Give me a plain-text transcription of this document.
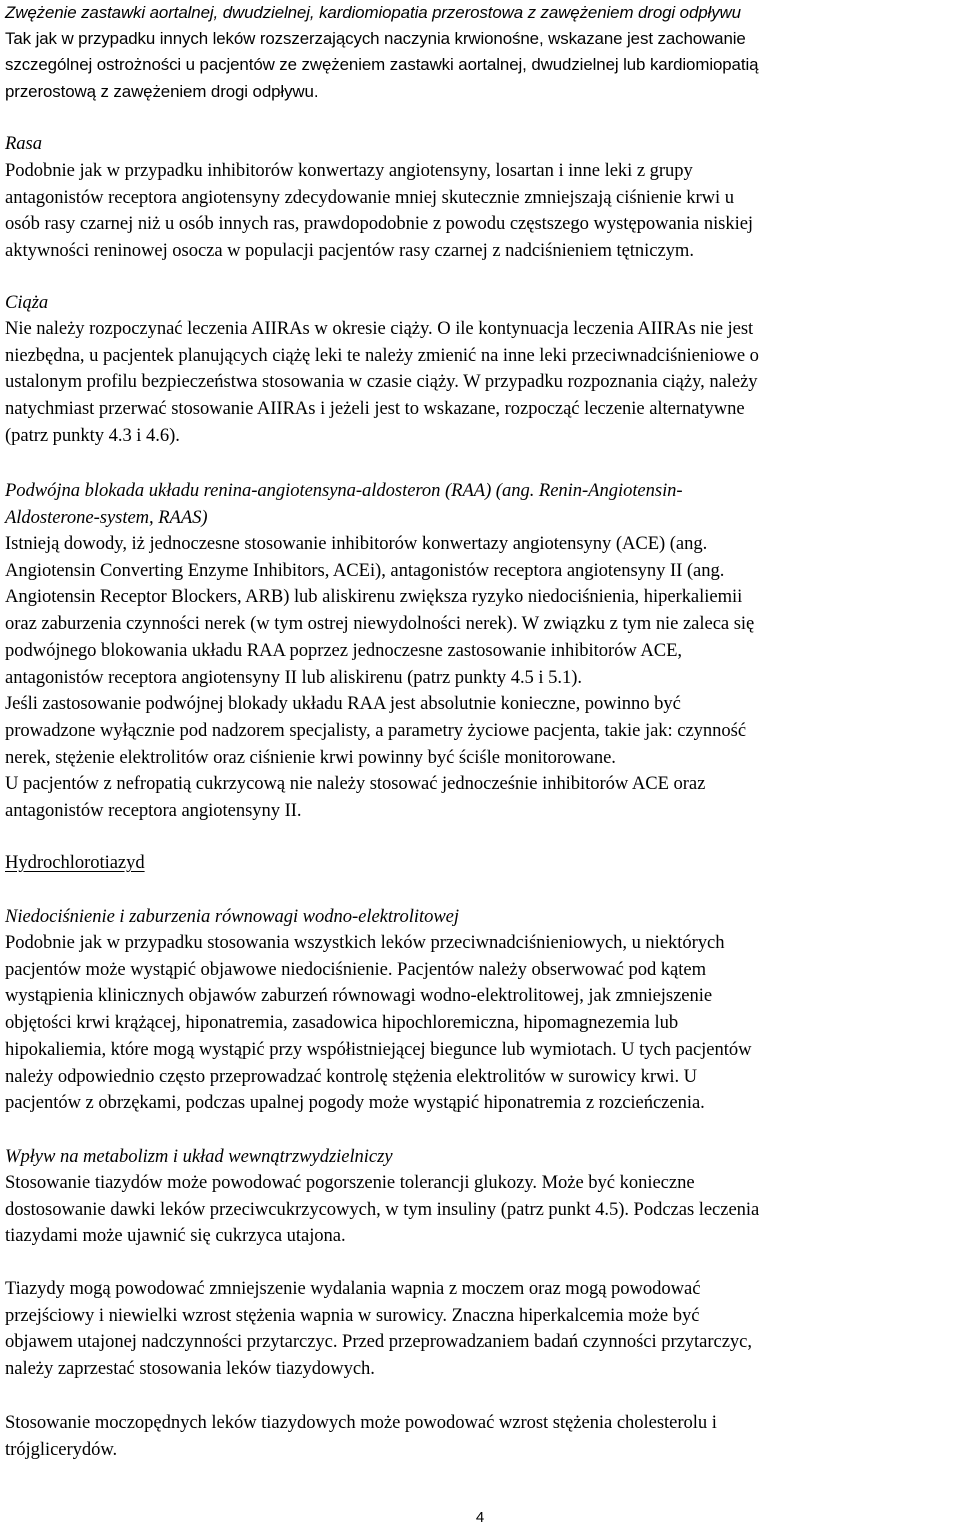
Zwężenie zastawki aortalnej, dwudzielnej, kardiomiopatia przerostowa z zawężeniem drogi odpływu

Tak jak w przypadku innych leków rozszerzających naczynia krwionośne, wskazane jest zachowanie
szczególnej ostrożności u pacjentów ze zwężeniem zastawki aortalnej, dwudzielnej lub kardiomiopatią
przerostową z zawężeniem drogi odpływu.

Rasa

Podobnie jak w przypadku inhibitorów konwertazy angiotensyny, losartan i inne leki z grupy
antagonistów receptora angiotensyny zdecydowanie mniej skutecznie zmniejszają ciśnienie krwi u
osób rasy czarnej niż u osób innych ras, prawdopodobnie z powodu częstszego występowania niskiej
aktywności reninowej osocza w populacji pacjentów rasy czarnej z nadciśnieniem tętniczym.

Ciąża

Nie należy rozpoczynać leczenia AIIRAs w okresie ciąży. O ile kontynuacja leczenia AIIRAs nie jest
niezbędna, u pacjentek planujących ciążę leki te należy zmienić na inne leki przeciwnadciśnieniowe o
ustalonym profilu bezpieczeństwa stosowania w czasie ciąży. W przypadku rozpoznania ciąży, należy
natychmiast przerwać stosowanie AIIRAs i jeżeli jest to wskazane, rozpocząć leczenie alternatywne
(patrz punkty 4.3 i 4.6).

Podwójna blokada układu renina-angiotensyna-aldosteron (RAA) (ang. Renin-Angiotensin-
Aldosterone-system, RAAS)

Istnieją dowody, iż jednoczesne stosowanie inhibitorów konwertazy angiotensyny (ACE) (ang.
Angiotensin Converting Enzyme Inhibitors, ACEi), antagonistów receptora angiotensyny II (ang.
Angiotensin Receptor Blockers, ARB) lub aliskirenu zwiększa ryzyko niedociśnienia, hiperkaliemii
oraz zaburzenia czynności nerek (w tym ostrej niewydolności nerek). W związku z tym nie zaleca się
podwójnego blokowania układu RAA poprzez jednoczesne zastosowanie inhibitorów ACE,
antagonistów receptora angiotensyny II lub aliskirenu (patrz punkty 4.5 i 5.1).
Jeśli zastosowanie podwójnej blokady układu RAA jest absolutnie konieczne, powinno być
prowadzone wyłącznie pod nadzorem specjalisty, a parametry życiowe pacjenta, takie jak: czynność
nerek, stężenie elektrolitów oraz ciśnienie krwi powinny być ściśle monitorowane.
U pacjentów z nefropatią cukrzycową nie należy stosować jednocześnie inhibitorów ACE oraz
antagonistów receptora angiotensyny II.

Hydrochlorotiazyd

Niedociśnienie i zaburzenia równowagi wodno-elektrolitowej

Podobnie jak w przypadku stosowania wszystkich leków przeciwnadciśnieniowych, u niektórych
pacjentów może wystąpić objawowe niedociśnienie. Pacjentów należy obserwować pod kątem
wystąpienia klinicznych objawów zaburzeń równowagi wodno-elektrolitowej, jak zmniejszenie
objętości krwi krążącej, hiponatremia, zasadowica hipochloremiczna, hipomagnezemia lub
hipokaliemia, które mogą wystąpić przy współistniejącej biegunce lub wymiotach. U tych pacjentów
należy odpowiednio często przeprowadzać kontrolę stężenia elektrolitów w surowicy krwi. U
pacjentów z obrzękami, podczas upalnej pogody może wystąpić hiponatremia z rozcieńczenia.

Wpływ na metabolizm i układ wewnątrzwydzielniczy

Stosowanie tiazydów może powodować pogorszenie tolerancji glukozy. Może być konieczne
dostosowanie dawki leków przeciwcukrzycowych, w tym insuliny (patrz punkt 4.5). Podczas leczenia
tiazydami może ujawnić się cukrzyca utajona.

Tiazydy mogą powodować zmniejszenie wydalania wapnia z moczem oraz mogą powodować
przejściowy i niewielki wzrost stężenia wapnia w surowicy. Znaczna hiperkalcemia może być
objawem utajonej nadczynności przytarczyc. Przed przeprowadzaniem badań czynności przytarczyc,
należy zaprzestać stosowania leków tiazydowych.

Stosowanie moczopędnych leków tiazydowych może powodować wzrost stężenia cholesterolu i
trójglicerydów.

4
